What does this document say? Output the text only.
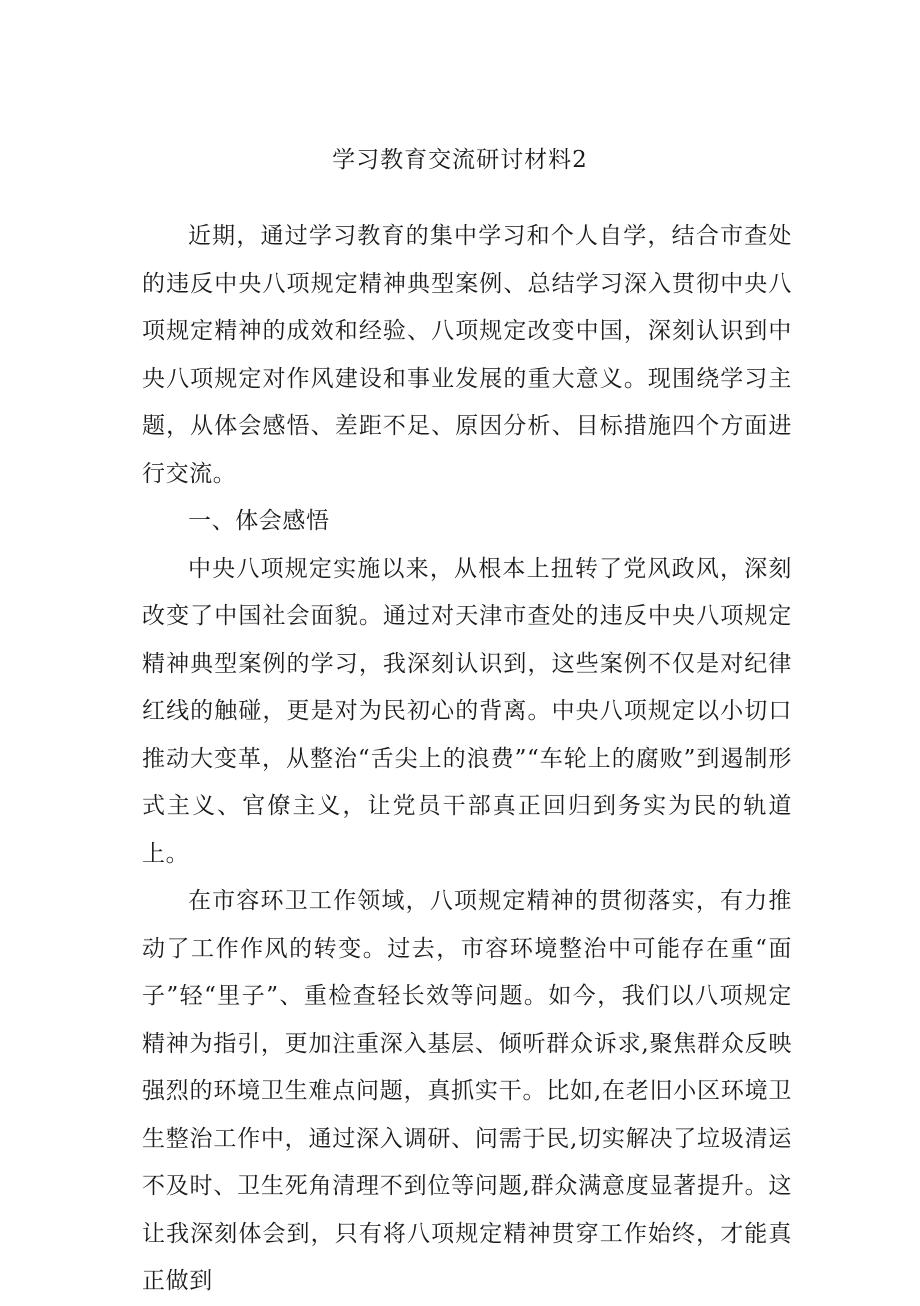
学习教育交流研讨材料2

近期，通过学习教育的集中学习和个人自学，结合市查处的违反中央八项规定精神典型案例、总结学习深入贯彻中央八项规定精神的成效和经验、八项规定改变中国，深刻认识到中央八项规定对作风建设和事业发展的重大意义。现围绕学习主题，从体会感悟、差距不足、原因分析、目标措施四个方面进行交流。

一、体会感悟

中央八项规定实施以来，从根本上扭转了党风政风，深刻改变了中国社会面貌。通过对天津市查处的违反中央八项规定精神典型案例的学习，我深刻认识到，这些案例不仅是对纪律红线的触碰，更是对为民初心的背离。中央八项规定以小切口推动大变革，从整治“舌尖上的浪费”“车轮上的腐败”到遏制形式主义、官僚主义，让党员干部真正回归到务实为民的轨道上。

在市容环卫工作领域，八项规定精神的贯彻落实，有力推动了工作作风的转变。过去，市容环境整治中可能存在重“面子”轻“里子”、重检查轻长效等问题。如今，我们以八项规定精神为指引，更加注重深入基层、倾听群众诉求,聚焦群众反映强烈的环境卫生难点问题，真抓实干。比如,在老旧小区环境卫生整治工作中，通过深入调研、问需于民,切实解决了垃圾清运不及时、卫生死角清理不到位等问题,群众满意度显著提升。这让我深刻体会到，只有将八项规定精神贯穿工作始终，才能真正做到
